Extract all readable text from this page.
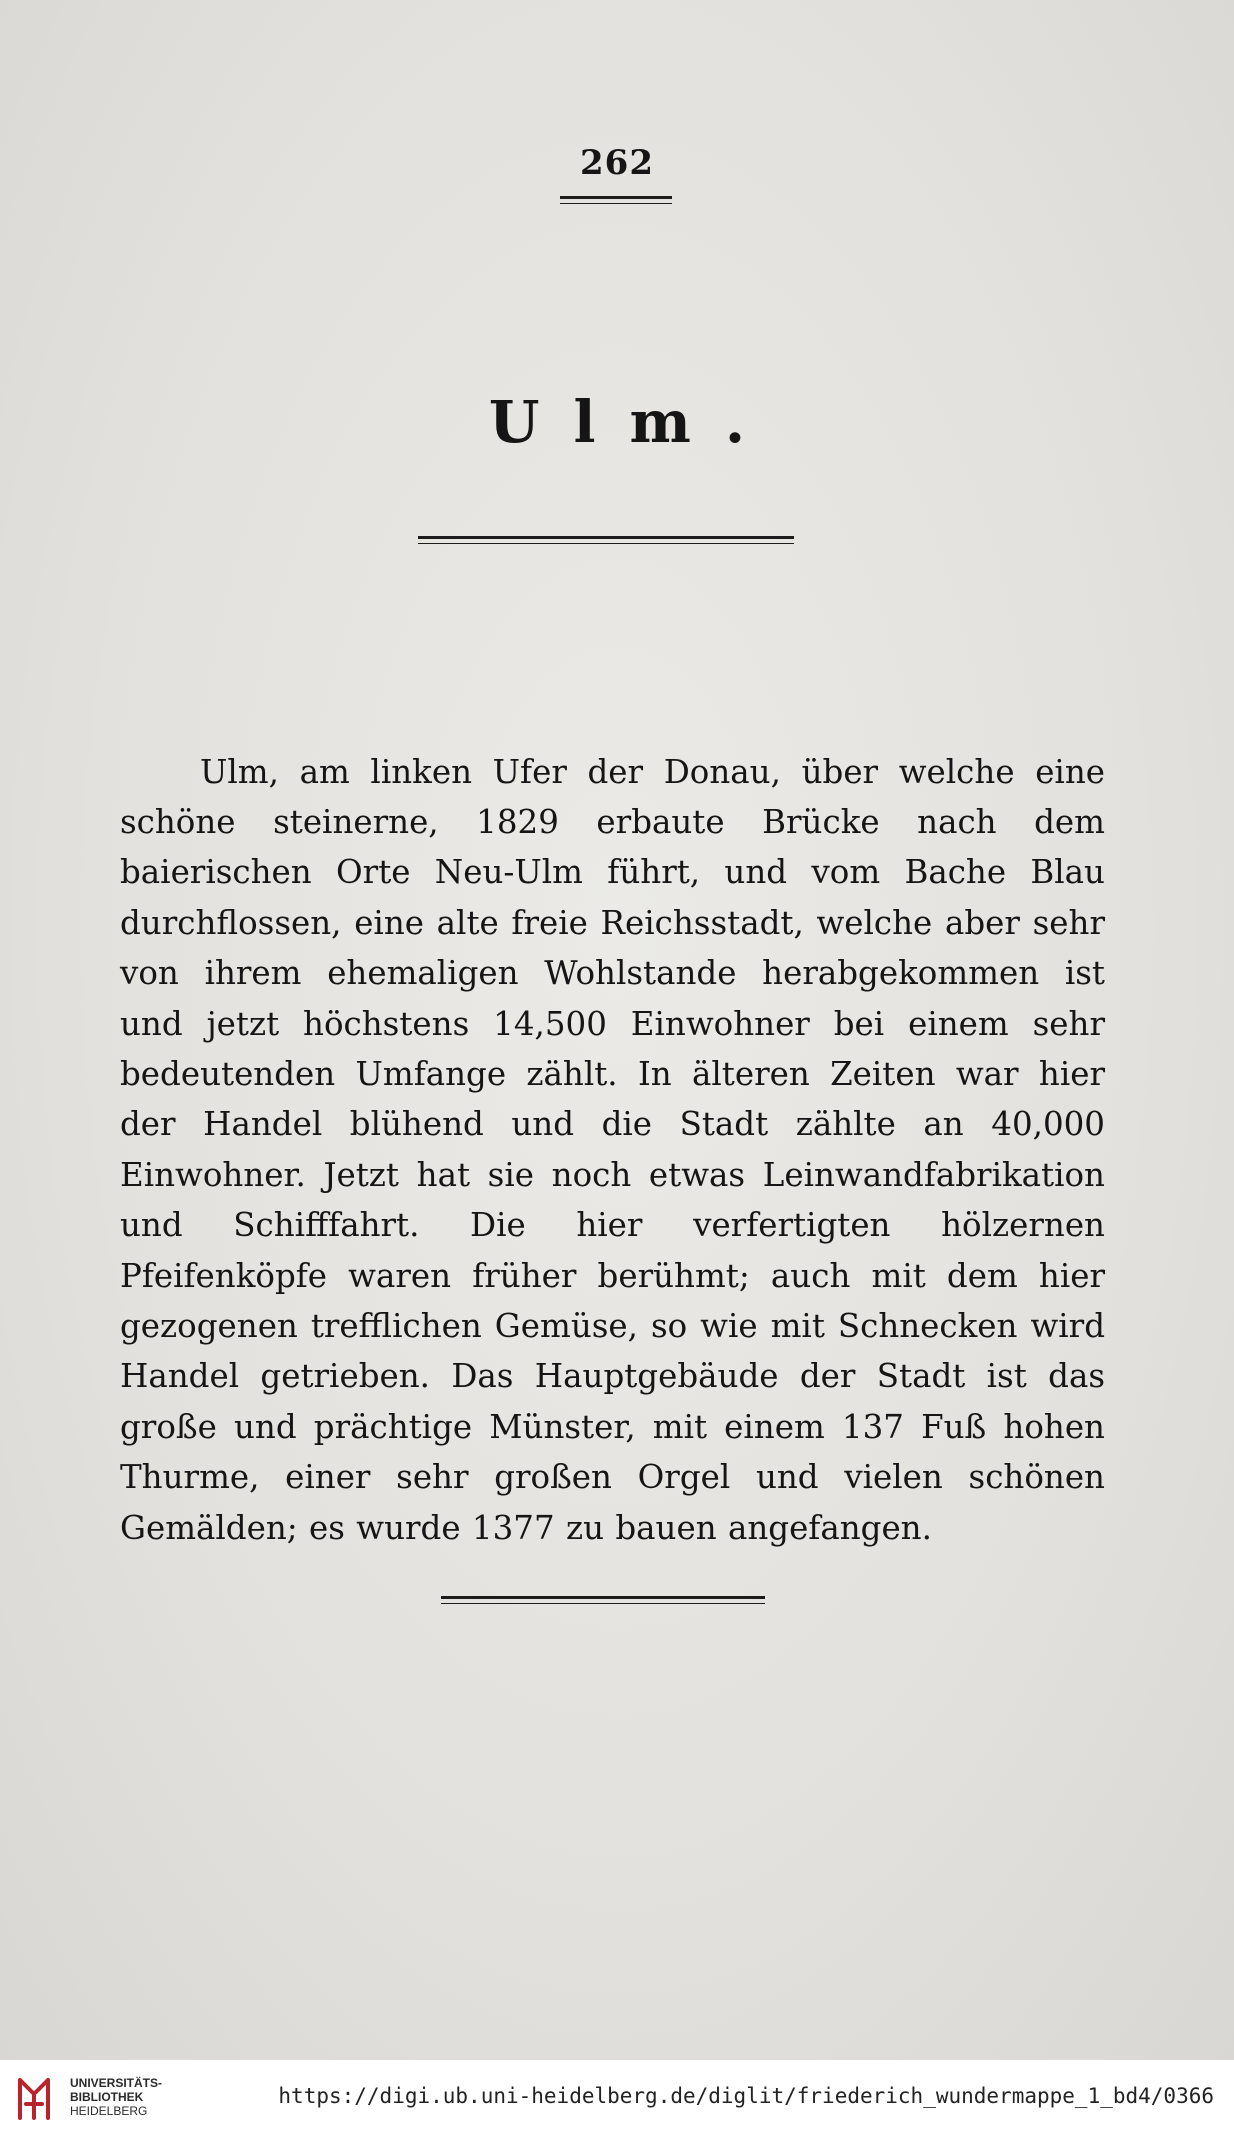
262
Ulm.

Ulm, am linken Ufer der Donau, über welche eine schöne steinerne, 1829 erbaute Brücke nach dem baierischen Orte Neu-Ulm führt, und vom Bache Blau durchflossen, eine alte freie Reichsstadt, welche aber sehr von ihrem ehemaligen Wohlstande herabgekommen ist und jetzt höchstens 14,500 Einwohner bei einem sehr bedeutenden Umfange zählt. In älteren Zeiten war hier der Handel blühend und die Stadt zählte an 40,000 Einwohner. Jetzt hat sie noch etwas Leinwandfabrikation und Schifffahrt. Die hier verfertigten hölzernen Pfeifenköpfe waren früher berühmt; auch mit dem hier gezogenen trefflichen Gemüse, so wie mit Schnecken wird Handel getrieben. Das Hauptgebäude der Stadt ist das große und prächtige Münster, mit einem 137 Fuß hohen Thurme, einer sehr großen Orgel und vielen schönen Gemälden; es wurde 1377 zu bauen angefangen.

UNIVERSITÄTS-
BIBLIOTHEK
HEIDELBERG
https://digi.ub.uni-heidelberg.de/diglit/friederich_wundermappe_1_bd4/0366
